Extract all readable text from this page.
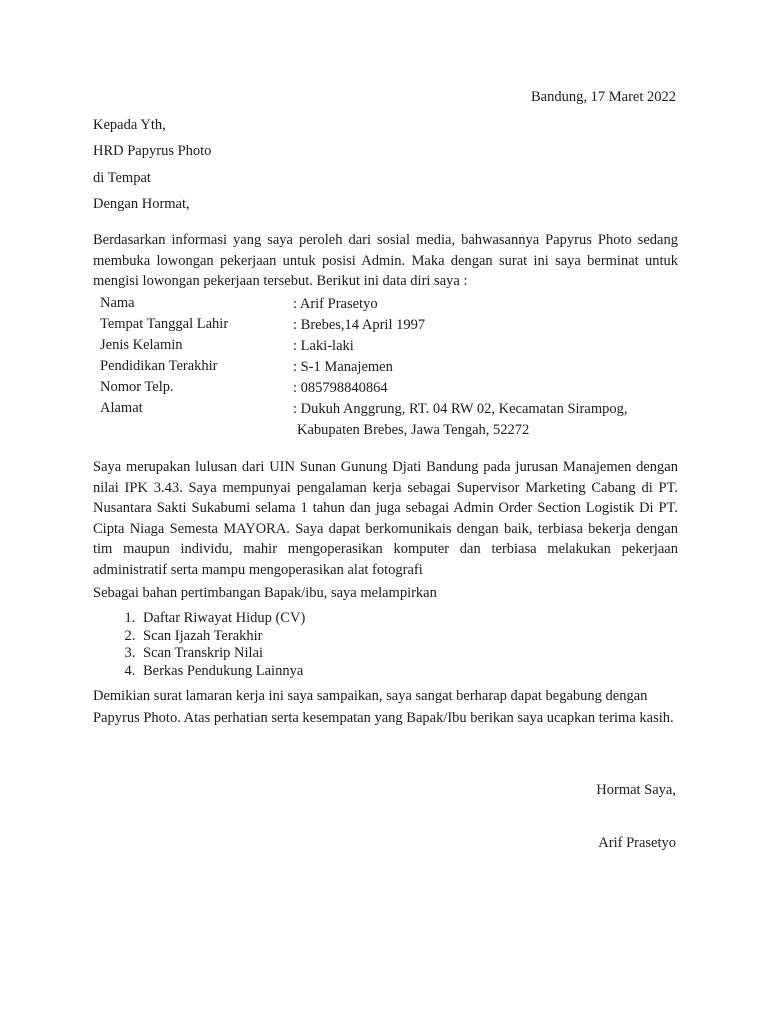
Bandung, 17 Maret 2022
Kepada Yth,
HRD Papyrus Photo
di Tempat
Dengan Hormat,
Berdasarkan informasi yang saya peroleh dari sosial media, bahwasannya Papyrus Photo sedang membuka lowongan pekerjaan untuk posisi Admin. Maka dengan surat ini saya berminat untuk mengisi lowongan pekerjaan tersebut. Berikut ini data diri saya :
Nama	: Arif Prasetyo
Tempat Tanggal Lahir	: Brebes,14 April 1997
Jenis Kelamin	: Laki-laki
Pendidikan Terakhir	: S-1 Manajemen
Nomor Telp.	: 085798840864
Alamat	: Dukuh Anggrung, RT. 04 RW 02, Kecamatan Sirampog,
Kabupaten Brebes, Jawa Tengah, 52272
Saya merupakan lulusan dari UIN Sunan Gunung Djati Bandung pada jurusan Manajemen dengan nilai IPK 3.43. Saya mempunyai pengalaman kerja sebagai Supervisor Marketing Cabang di PT. Nusantara Sakti Sukabumi selama 1 tahun dan juga sebagai Admin Order Section Logistik Di PT. Cipta Niaga Semesta MAYORA. Saya dapat berkomunikais dengan baik, terbiasa bekerja dengan tim maupun individu, mahir mengoperasikan komputer dan terbiasa melakukan pekerjaan administratif serta mampu mengoperasikan alat fotografi
Sebagai bahan pertimbangan Bapak/ibu, saya melampirkan
1. Daftar Riwayat Hidup (CV)
2. Scan Ijazah Terakhir
3. Scan Transkrip Nilai
4. Berkas Pendukung Lainnya
Demikian surat lamaran kerja ini saya sampaikan, saya sangat berharap dapat begabung dengan Papyrus Photo. Atas perhatian serta kesempatan yang Bapak/Ibu berikan saya ucapkan terima kasih.
Hormat Saya,
Arif Prasetyo
